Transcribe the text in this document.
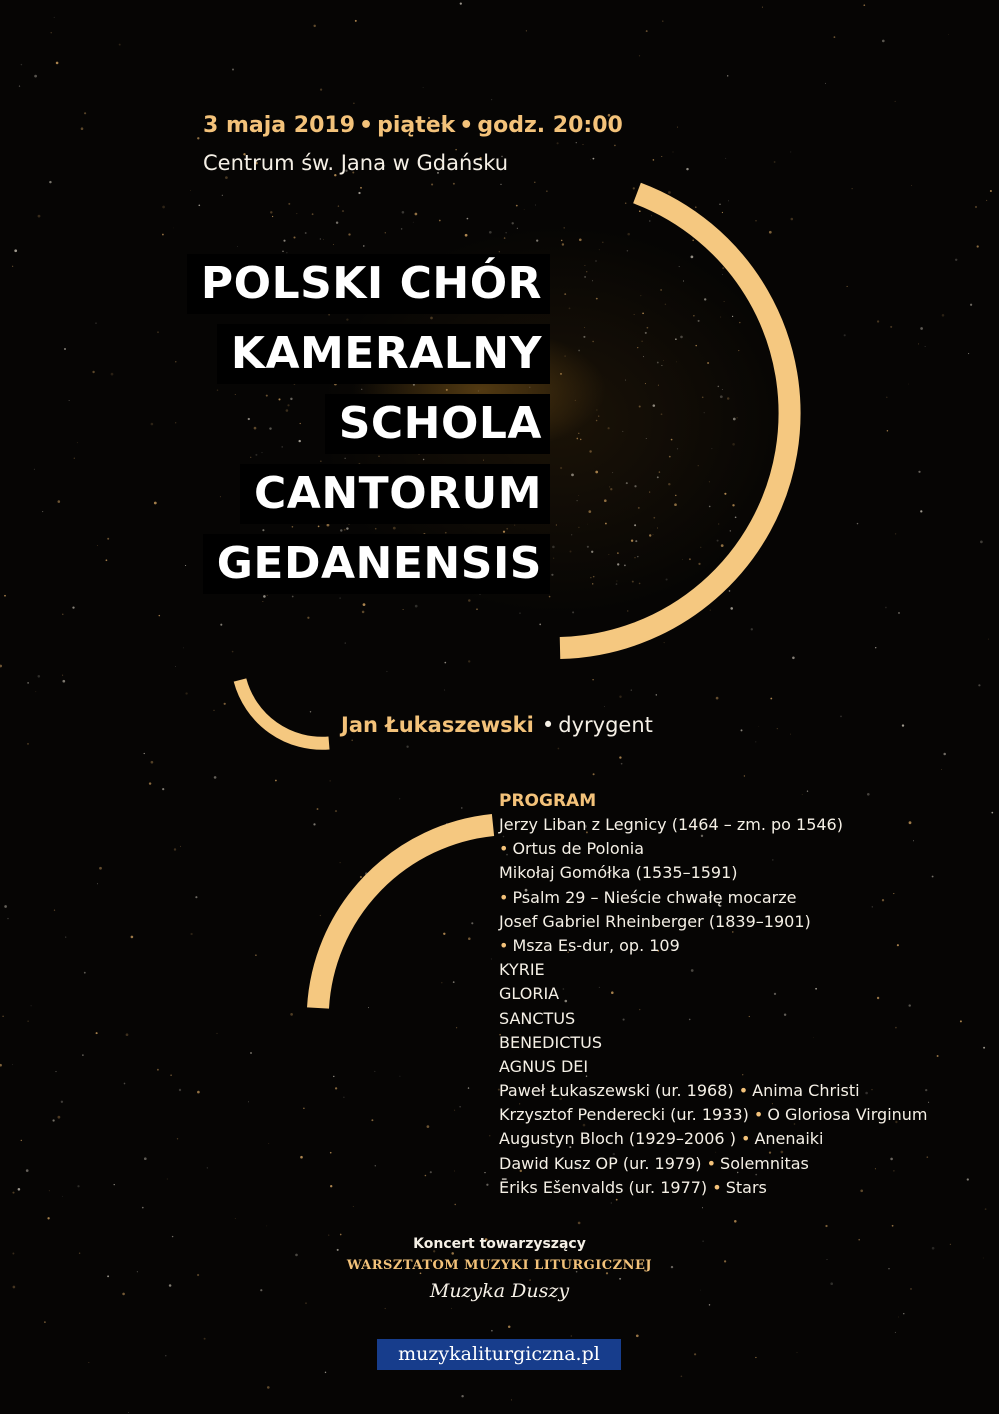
3 maja 2019 • piątek • godz. 20:00
Centrum św. Jana w Gdańsku
POLSKI CHÓR
KAMERALNY
SCHOLA
CANTORUM
GEDANENSIS
Jan Łukaszewski • dyrygent
PROGRAM
Jerzy Liban z Legnicy (1464 – zm. po 1546)
• Ortus de Polonia
Mikołaj Gomółka (1535–1591)
• Psalm 29 – Nieście chwałę mocarze
Josef Gabriel Rheinberger (1839–1901)
• Msza Es-dur, op. 109
KYRIE
GLORIA
SANCTUS
BENEDICTUS
AGNUS DEI
Paweł Łukaszewski (ur. 1968) • Anima Christi
Krzysztof Penderecki (ur. 1933) • O Gloriosa Virginum
Augustyn Bloch (1929–2006 ) • Anenaiki
Dawid Kusz OP (ur. 1979) • Solemnitas
Ēriks Ešenvalds (ur. 1977) • Stars
Koncert towarzyszący
WARSZTATOM MUZYKI LITURGICZNEJ
Muzyka Duszy
muzykaliturgiczna.pl
